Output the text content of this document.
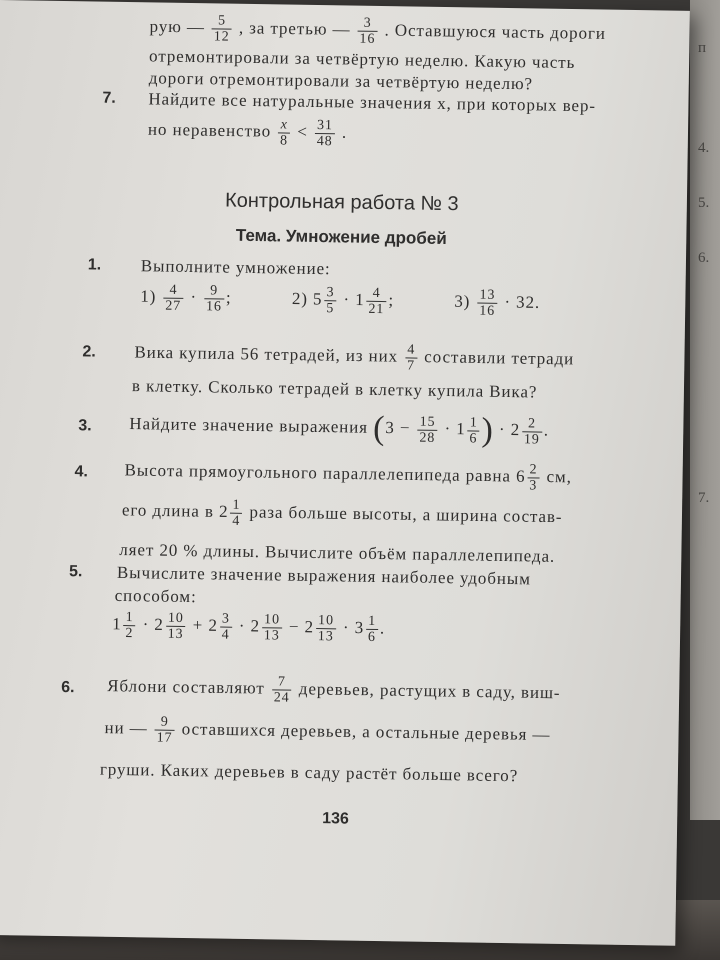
п
4.
5.
6.
7.
рую — $\frac{5}{12}$ , за третью — $\frac{3}{16}$ . Оставшуюся часть дороги
отремонтировали за четвёртую неделю. Какую часть
дороги отремонтировали за четвёртую неделю?
7. Найдите все натуральные значения x, при которых вер-
но неравенство $\frac{x}{8} < \frac{31}{48}$ .
Контрольная работа № 3
Тема. Умножение дробей
1. Выполните умножение:
$1) \frac{4}{27} \cdot \frac{9}{16}$ ;	2) $5 \frac{3}{5} \cdot 1 \frac{4}{21}$ ;	$3) \frac{13}{16} \cdot 32$.
2. Вика купила 56 тетрадей, из них $\frac{4}{7}$ составили тетради
в клетку. Сколько тетрадей в клетку купила Вика?
3. Найдите значение выражения ($3 - \frac{15}{28} \cdot 1 \frac{1}{6}$ ) · $2 \frac{2}{19}$ .
4. Высота прямоугольного параллелепипеда равна $6 \frac{2}{3}$ см,
его длина в $2 \frac{1}{4}$ раза больше высоты, а ширина состав-
ляет 20 % длины. Вычислите объём параллелепипеда.
5. Вычислите значение выражения наиболее удобным
способом:
$1 \frac{1}{2} \cdot 2 \frac{10}{13} + 2 \frac{3}{4} \cdot 2 \frac{10}{13} - 2 \frac{10}{13} \cdot 3 \frac{1}{6}$ .
6. Яблони составляют $\frac{7}{24}$ деревьев, растущих в саду, виш-
ни — $\frac{9}{17}$ оставшихся деревьев, а остальные деревья —
груши. Каких деревьев в саду растёт больше всего?
136
